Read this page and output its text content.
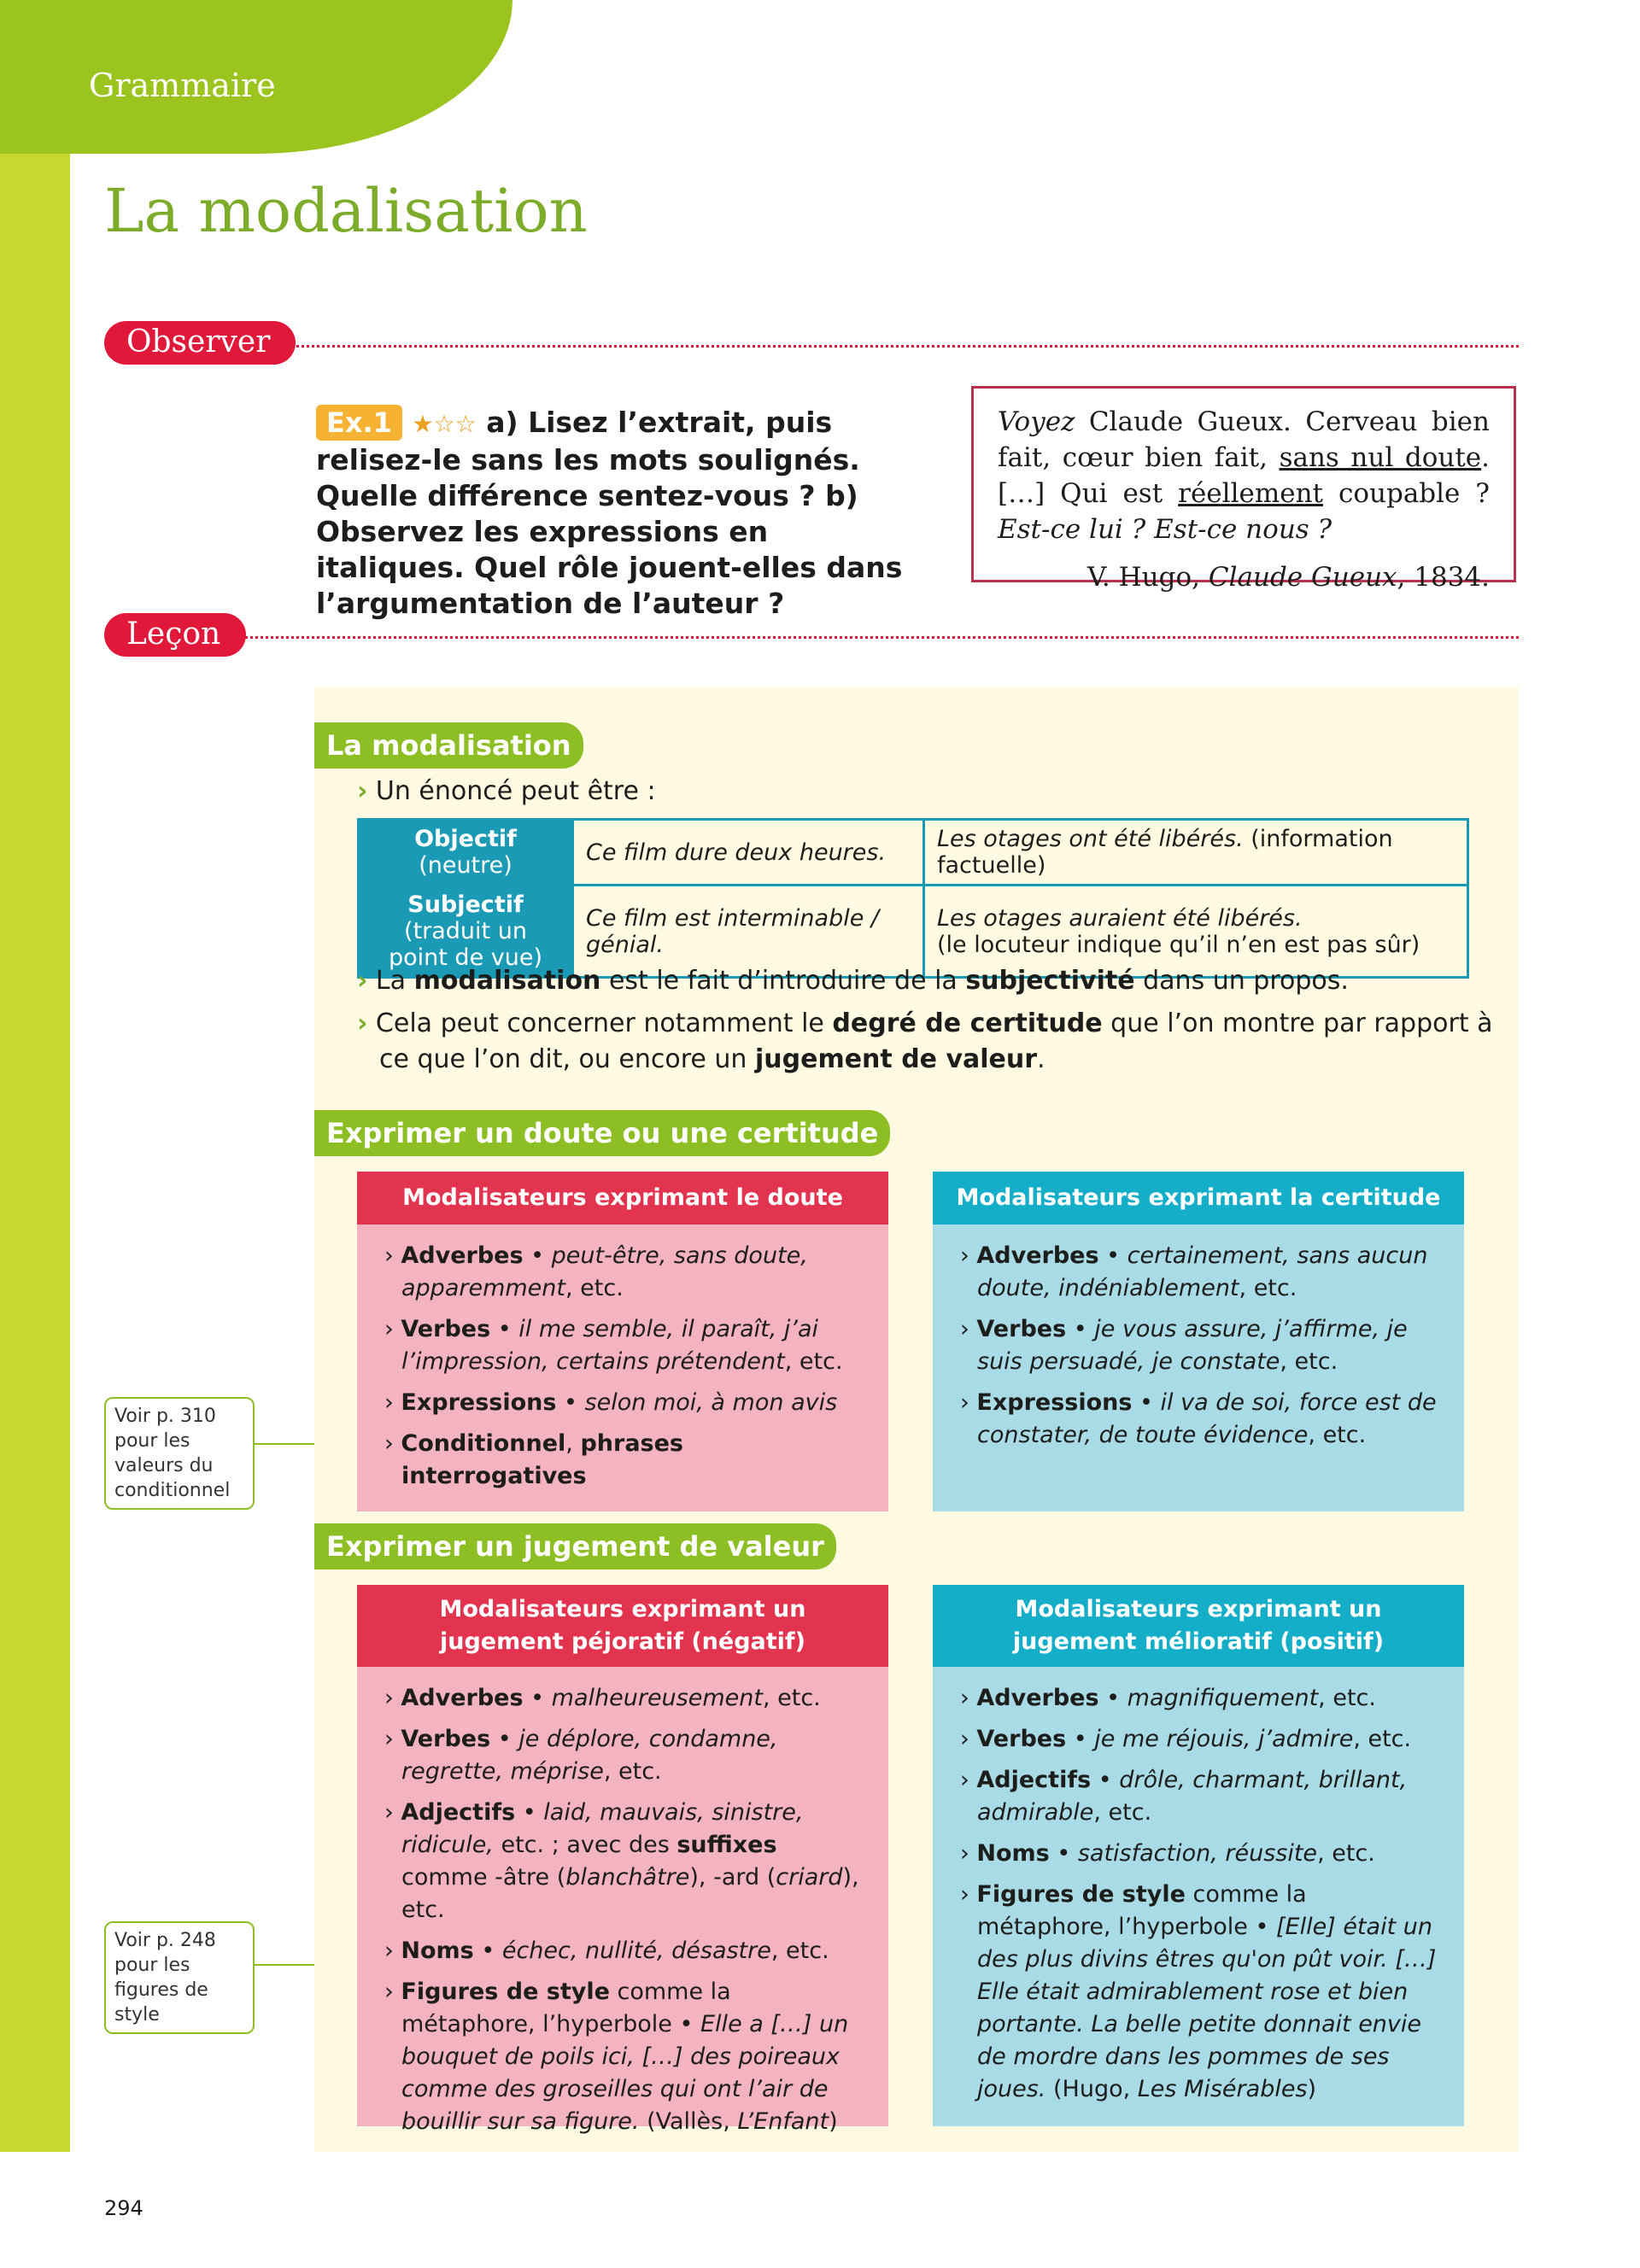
Grammaire
La modalisation
Observer
Ex.1 ★☆☆ a) Lisez l’extrait, puis relisez-le sans les mots soulignés. Quelle différence sentez-vous ? b) Observez les expressions en italiques. Quel rôle jouent-elles dans l’argumentation de l’auteur ?
Voyez Claude Gueux. Cerveau bien fait, cœur bien fait, sans nul doute. […] Qui est réellement coupable ? Est-ce lui ? Est-ce nous ?
V. Hugo, Claude Gueux, 1834.
Leçon
La modalisation
› Un énoncé peut être :
Objectif (neutre)	Ce film dure deux heures.	Les otages ont été libérés. (information factuelle)
Subjectif (traduit un point de vue)	Ce film est interminable / génial.	Les otages auraient été libérés.
(le locuteur indique qu’il n’en est pas sûr)
› La modalisation est le fait d’introduire de la subjectivité dans un propos.
› Cela peut concerner notamment le degré de certitude que l’on montre par rapport à ce que l’on dit, ou encore un jugement de valeur.
Exprimer un doute ou une certitude
Modalisateurs exprimant le doute
› Adverbes • peut-être, sans doute, apparemment, etc.
› Verbes • il me semble, il paraît, j’ai l’impression, certains prétendent, etc.
› Expressions • selon moi, à mon avis
› Conditionnel, phrases interrogatives
Modalisateurs exprimant la certitude
› Adverbes • certainement, sans aucun doute, indéniablement, etc.
› Verbes • je vous assure, j’affirme, je suis persuadé, je constate, etc.
› Expressions • il va de soi, force est de constater, de toute évidence, etc.
Voir p. 310 pour les valeurs du conditionnel
Exprimer un jugement de valeur
Modalisateurs exprimant un
jugement péjoratif (négatif)
› Adverbes • malheureusement, etc.
› Verbes • je déplore, condamne, regrette, méprise, etc.
› Adjectifs • laid, mauvais, sinistre, ridicule, etc. ; avec des suffixes comme -âtre (blanchâtre), -ard (criard), etc.
› Noms • échec, nullité, désastre, etc.
› Figures de style comme la métaphore, l’hyperbole • Elle a […] un bouquet de poils ici, […] des poireaux comme des groseilles qui ont l’air de bouillir sur sa figure. (Vallès, L’Enfant)
Modalisateurs exprimant un
jugement mélioratif (positif)
› Adverbes • magnifiquement, etc.
› Verbes • je me réjouis, j’admire, etc.
› Adjectifs • drôle, charmant, brillant, admirable, etc.
› Noms • satisfaction, réussite, etc.
› Figures de style comme la métaphore, l’hyperbole • [Elle] était un des plus divins êtres qu'on pût voir. […] Elle était admirablement rose et bien portante. La belle petite donnait envie de mordre dans les pommes de ses joues. (Hugo, Les Misérables)
Voir p. 248 pour les figures de style
294
